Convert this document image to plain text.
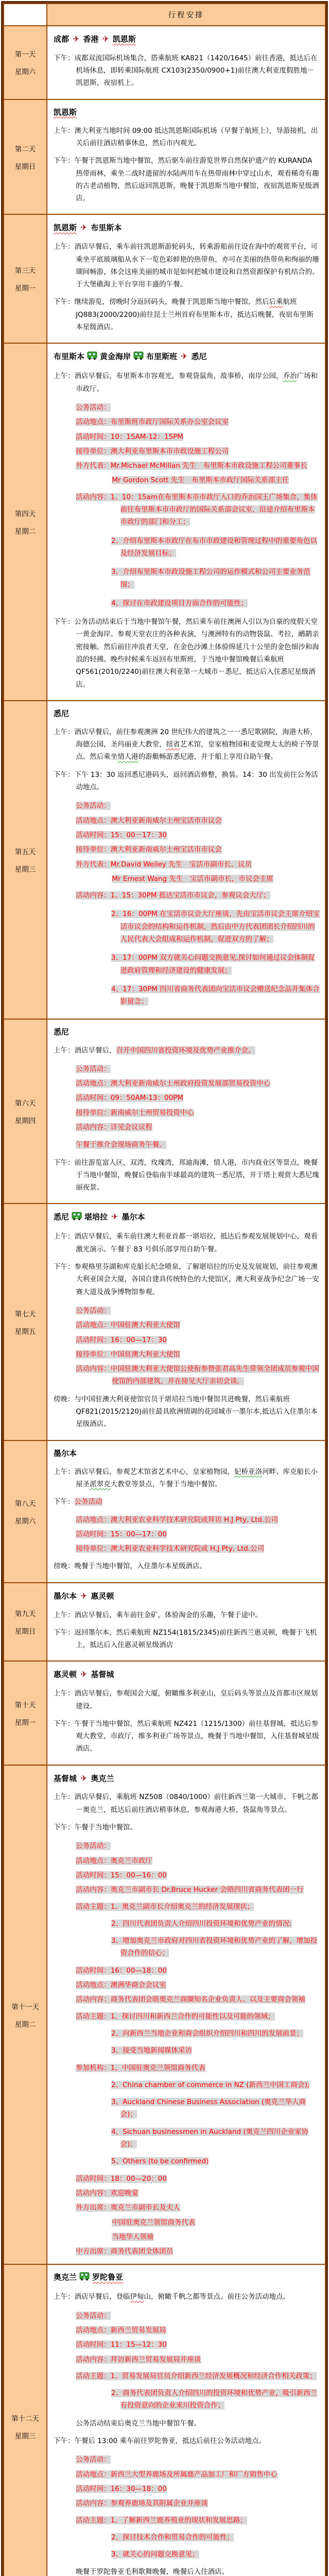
	行程安排

第一天
星期六

成都 ✈ 香港 ✈ 凯恩斯
下午：成都双流国际机场集合，搭乘航班 KA821（1420/1645）前往香港，抵达后在机场休息，即转乘国际航班 CX103(2350/0900+1)前往澳大利亚度假胜地－凯恩斯，夜宿机上。

第二天
星期日

凯恩斯
上午：澳大利亚当地时间 09:00 抵达凯恩斯国际机场（早餐于航班上），导游接机，出关后前往酒店稍事休息，然后市内观光。
下午：午餐于凯恩斯当地中餐馆，然后驱车前往游览世界自然保护遗产的 KURANDA 热带雨林，乘坐二战时遗留的水陆两用车在热带雨林中穿过山水，观看稀奇有趣的古老动植物，然后返回凯恩斯，晚餐于凯恩斯当地中餐馆，夜宿凯恩斯星级酒店。

第三天
星期一

凯恩斯 ✈ 布里斯本
上午：酒店早餐后，乘车前往凯恩斯游轮码头，转乘游船前往设在海中的观赏平台，可乘坐平底玻璃船从水下一览色彩鲜艳的热带鱼，亦可在美丽的热带鱼和绚丽的珊瑚间畅游，体会这座美丽的城市是如何把城市建设和自然资源保护有机结合的。于大堡礁海上平台享用丰盛的午餐。
下午：继续游览，傍晚时分返回码头，晚餐于凯恩斯当地中餐馆，然后后乘航班 JQ883(2000/2200)前往昆士兰州首府布里斯本市，抵达后晚餐，夜宿布里斯本星级酒店。

第四天
星期二

布里斯本 黄金海岸 布里斯班 ✈ 悉尼
上午：酒店早餐后，布里斯本市容观光，参观袋鼠角，故事桥，南岸公园，乔治广场和市政厅。
公务活动：
活动地点：布里斯班市政厅国际关系办公室会议室
活动时间：10：15AM-12：15PM
接待单位：澳大利亚布里斯本市市政设施工程公司
外方代表：Mr.Michael McMillan 先生　布里斯本市政设施工程公司董事长
Mr Gordon Scott 先生　布里斯本市政厅国际关系部主任
活动内容：1、10：15am在布里斯本市市政厅入口的乔治国王广场集合，集体前往布里斯本市市政厅的国际关系部会议室，沿途介绍布里斯本市政厅的部门和分工；
2、介绍布里斯本市政厅在布市市政建设和管理过程中的重要角色以及经济发展目标；
3、介绍布里斯本市政设施工程公司的运作模式和公司主要业务范围；
4、探讨在市政建设项目方面合作的可能性；
下午：公务活动结束后于当地中餐馆午餐，然后乘车前往澳洲人引以为自豪的度假天堂一黄金海岸。参观天堂农庄的各种表演，与澳洲特有的动物袋鼠、考拉，鸸鹋亲密接触。然后前往冲浪者天堂，在金色沙滩上体验绵延几十公里的金色细沙和海浪的轻拂。晚些时候乘车返回布里斯班，于当地中餐馆晚餐后乘航班 QF561(2010/2240)前往澳大利亚第一大城市－悉尼，抵达后入住悉尼星级酒店。

第五天
星期三

悉尼
上午：酒店早餐后，前往参观澳洲 20 世纪伟大的建筑之一一悉尼歌剧院，海港大桥，海德公园，圣玛丽亚大教堂，纽省艺术馆，皇家植物园和麦觉理太太的椅子等景点。然后乘坐情人港的游艇畅游悉尼港，并于船上享用自助午餐。
下午：下午 13：30 返回悉尼港码头，返回酒店修整，换装。14：30 出发前往公务活动地点。
公务活动：
活动地点：澳大利亚新南威尔士州宝活市市议会
活动时间：15：00－17：30
接待单位：澳大利亚新南威尔士州宝活市市议会
外方代表：Mr.David Weiley 先生　宝活市副市长、议员
Mr Ernest Wang 先生　宝活市副市长，市议会主席
活动内容：1、15：30PM 抵达宝活市市议会，参观议会大厅；
2、16：00PM 在宝活市议会大厅座谈，先由宝活市议会主席介绍宝活市议会的结构和运作机制，然后由中方代表团团长介绍四川的人民代表大会组成和运作机制，促进双方的了解；
3、17：00PM 双方就关心问题交换意见,探讨如何通过议会体制促进政府管理和经济建设的健康发展；
4、17：30PM 四川省商务代表团向宝活市议会赠送纪念品并集体合影留念；

第六天
星期四

悉尼
上午：酒店早餐后，召开中国四川省投资环境及优势产业推介会。
公务活动：
活动地点：澳大利亚新南威尔士州政府投资发展部贸易投资中心
活动时间：09：50AM-13：00PM
接待单位：新南威尔士州贸易投资中心
活动内容：详见会议议程
午餐于推介会现场商务午餐。
下午：前往游览富人区，双湾，玫瑰湾，邦迪海滩，情人港，市内商业区等景点，晚餐于当地中餐馆，晚餐后登临南半球最高的建筑一悉尼塔，并于塔上观赏大悉尼瑰丽夜景。

第七天
星期五

悉尼 堪培拉 ✈ 墨尔本
上午：酒店早餐后，乘车前往澳大利亚首都一堪培拉，抵达后参观发展规划中心，观看激光演示。午餐于 83 号俱乐部享用自助午餐。
下午：参观格里芬湖和库克船长纪念喷泉，了解堪培拉的历史及发展规划，前往参观澳大利亚国会大厦，各国自建具传统特色的大使馆区，澳大利亚战争纪念广场一安赛大道及战争博物馆参观。
公务活动：
活动地点：中国驻澳大利亚大使馆
活动时间：16：00—17：30
接待单位：中国驻澳大利亚大使馆
活动内容：中国驻澳大利亚大使馆公使衔参赞张君高先生带领全团成员参观中国使馆的内部建筑，并在接见大厅亲切会谈。
傍晚：与中国驻澳大利亚使馆官员于堪培拉当地中餐馆共进晚餐，然后乘航班 QF821(2015/2120)前往最具欧洲情调的花园城市一墨尔本,抵达后入住墨尔本星级酒店。

第八天
星期六

墨尔本
上午：酒店早餐后，参观艺术馆省艺术中心，皇家植物园，妃桥亚洛河畔、库克船长小屋圣派翠克大教堂等景点，午餐于当地中餐馆。
下午：公务活动
活动地点：澳大利亚农业科学技术研究院或拜访 H.J Pty, Ltd.公司
活动时间：15：00—17：00
接待单位：澳大利亚农业科学技术研究院或 H.J Pty, Ltd.公司
傍晚：晚餐于当地中餐馆，入住墨尔本星级酒店。

第九天
星期日

墨尔本 ✈ 惠灵顿
上午：酒店早餐后，乘车前往金矿，体验淘金的乐趣，午餐于途中。
下午：返回墨尔本，然后乘航班 NZ154(1815/2345)前往新西兰惠灵顿，晚餐于飞机上，抵达后入住惠灵顿星级酒店

第十天
星期一

惠灵顿 ✈ 基督城
上午：酒店早餐后，参观国会大厦，俯瞰维多利亚山，皇后码头等景点及首都市区规划建设。
下午：午餐于当地中餐馆，然后乘航班 NZ421（1215/1300）前往基督城，抵达后参观大教堂，市政厅，维多利亚广场等景点，晚餐于当地中餐馆，入住基督城星级酒店。

第十一天
星期二

基督城 ✈ 奥克兰
上午：酒店早餐后，乘航班 NZ508（0840/1000）前往新西兰第一大城市、千帆之都－奥克兰，抵达后前往酒店稍事休息，参观海港大桥，袋鼠角等景点。
下午：午餐于当地中餐馆。
公务活动：
活动地点：奥克兰市政厅
活动时间：15：00—16：00
活动内容：奥克兰市副市长 Dr.Bruce Hucker 会晤四川省商务代表团一行
活动主题：1、奥克兰副市长介绍奥克兰的经济发展现状；
2、四川代表团负责人介绍四川投资环境和优势产业的情况:
3、增加奥克兰市政府对四川省投资环境和优势产业的了解，增加投资合作的信心；
活动时间：16：00—18：00
活动地点：澳洲华商会会议室
活动内容：商务代表团会晤奥克兰商圈知名企业负责人、以及主要商会领袖
活动主题：1、探讨四川和新西兰合作的可能性以及可能的领域；
2、向新西兰当地企业和商会组织介绍四川和四川的发展前景；
3、接受当地新闻媒体采访
参加机构：1、中国驻奥克兰领馆商务代表
2、China chamber of commerce in NZ (新西兰中国工商会);
3、Auckland Chinese Business Association (奥克兰华人商会)；
4、Sichuan businessmen in Auckland (奥克兰四川企业家协会)；
5、Others (to be confirmed)
活动时间：18：00—20：00
活动内容：欢迎晚宴
外方出席：奥克兰市副市长及夫人
中国驻奥克兰领馆商务代表
当地华人领袖
中方出席：商务代表团全体团员

第十二天
星期三

奥克兰 罗陀鲁亚
上午：酒店早餐后，登临伊甸山，俯瞰千帆之都等景点。前往公务活动地点。
公务活动：
活动地点：新西兰贸易发展局
活动时间：11：15—12：30
活动内容：拜访新西兰贸易发展局并座谈
活动主题：1、贸易发展局官员介绍新西兰经济发展概况和经济合作相关政策；
2、商务代表团负责人介绍四川的投资环境和优势产业，吸引新西兰有投资意向的企业来川投资合作；
公务活动结束后奥克兰当地中餐馆午餐。
下午：午餐后 13:00 乘车前往罗陀鲁亚，抵达后前往公务活动地点。
公务活动：
活动地点：新西兰大型养鹿场及所属鹿产品加工厂和厂方销售中心
活动时间：16：30—18：00
活动内容：参观养鹿场及其附属企业并座谈
活动主题：1、了解新西兰鹿养殖业的现状和发展思路；
2、探讨技术合作和贸易合作的可能性；
3、就关心的问题交换意见；
晚餐于罗陀鲁亚毛利歌舞晚餐，晚餐后入住酒店。
